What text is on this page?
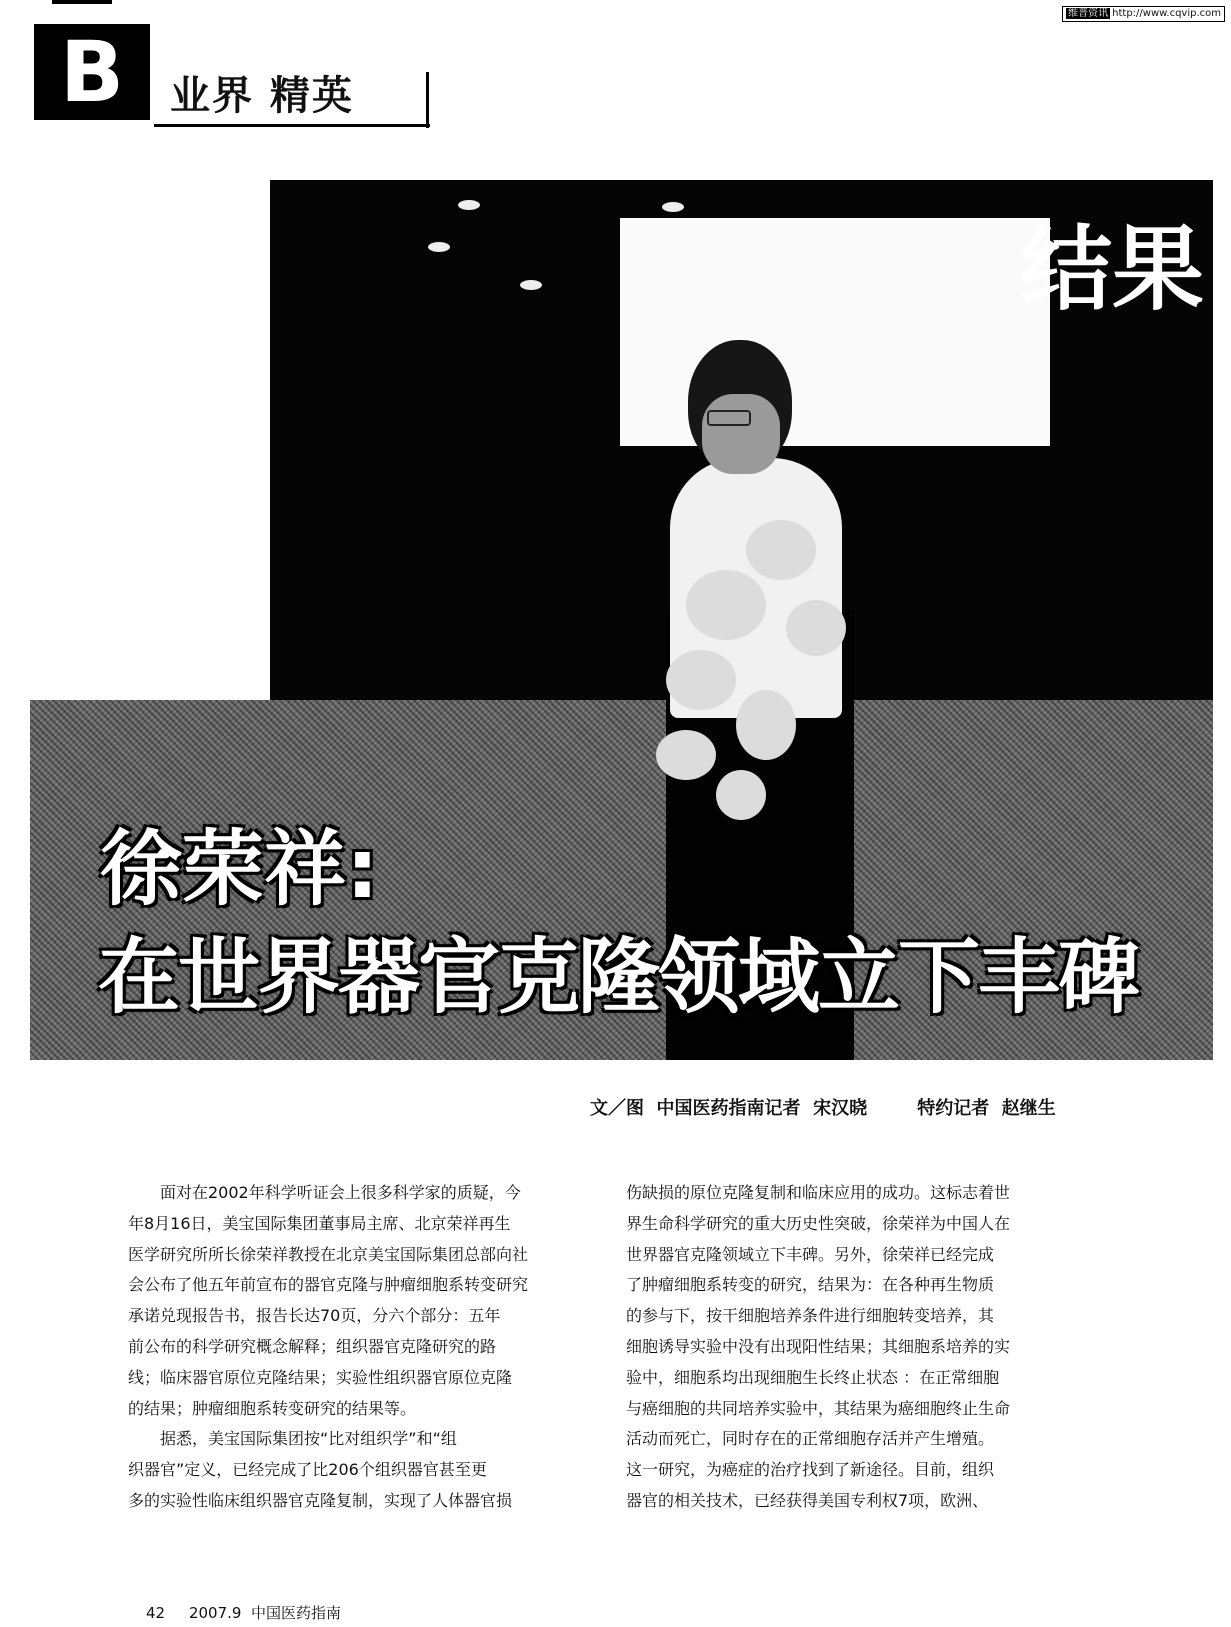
维普资讯 http://www.cqvip.com
B	业界 精英
结果
徐荣祥:
在世界器官克隆领域立下丰碑
文／图  中国医药指南记者  宋汉晓        特约记者  赵继生
　　面对在2002年科学听证会上很多科学家的质疑，今
年8月16日，美宝国际集团董事局主席、北京荣祥再生
医学研究所所长徐荣祥教授在北京美宝国际集团总部向社
会公布了他五年前宣布的器官克隆与肿瘤细胞系转变研究
承诺兑现报告书，报告长达70页，分六个部分：五年
前公布的科学研究概念解释；组织器官克隆研究的路
线；临床器官原位克隆结果；实验性组织器官原位克隆
的结果；肿瘤细胞系转变研究的结果等。
　　据悉，美宝国际集团按“比对组织学”和“组
织器官”定义，已经完成了比206个组织器官甚至更
多的实验性临床组织器官克隆复制，实现了人体器官损
伤缺损的原位克隆复制和临床应用的成功。这标志着世
界生命科学研究的重大历史性突破，徐荣祥为中国人在
世界器官克隆领域立下丰碑。另外，徐荣祥已经完成
了肿瘤细胞系转变的研究，结果为：在各种再生物质
的参与下，按干细胞培养条件进行细胞转变培养，其
细胞诱导实验中没有出现阳性结果；其细胞系培养的实
验中，细胞系均出现细胞生长终止状态 ：在正常细胞
与癌细胞的共同培养实验中，其结果为癌细胞终止生命
活动而死亡，同时存在的正常细胞存活并产生增殖。
这一研究，为癌症的治疗找到了新途径。目前，组织
器官的相关技术，已经获得美国专利权7项，欧洲、
42 2007.9  中国医药指南
